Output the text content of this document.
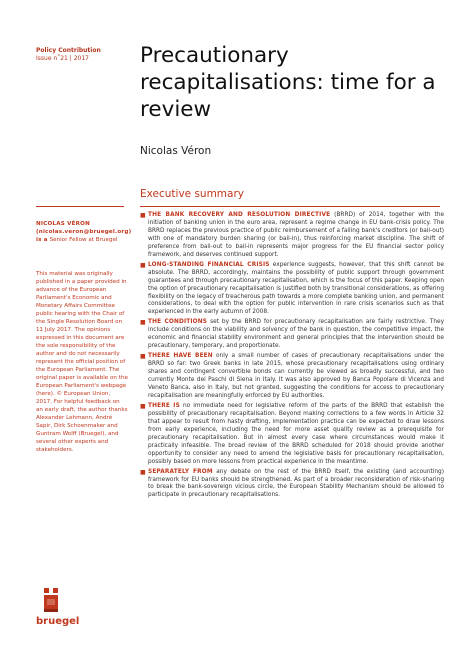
Policy Contribution
Issue n˚21 | 2017	Precautionary recapitalisations: time for a review
Nicolas Véron
Executive summary
NICOLAS VÉRON (nicolas.veron@bruegel.org) is a Senior Fellow at Bruegel
This material was originally published in a paper provided in advance of the European Parliament's Economic and Monetary Affairs Committee public hearing with the Chair of the Single Resolution Board on 11 July 2017. The opinions expressed in this document are the sole responsibility of the author and do not necessarily represent the official position of the European Parliament. The original paper is available on the European Parliament's webpage (here). © European Union, 2017. For helpful feedback on an early draft, the author thanks Alexander Lehmann, André Sapir, Dirk Schoenmaker and Guntram Wolff (Bruegel), and several other experts and stakeholders.
■ THE BANK RECOVERY AND RESOLUTION DIRECTIVE (BRRD) of 2014, together with the initiation of banking union in the euro area, represent a regime change in EU bank-crisis policy. The BRRD replaces the previous practice of public reimbursement of a failing bank's creditors (or bail-out) with one of mandatory burden sharing (or bail-in), thus reinforcing market discipline. The shift of preference from bail-out to bail-in represents major progress for the EU financial sector policy framework, and deserves continued support.
■ LONG-STANDING FINANCIAL CRISIS experience suggests, however, that this shift cannot be absolute. The BRRD, accordingly, maintains the possibility of public support through government guarantees and through precautionary recapitalisation, which is the focus of this paper. Keeping open the option of precautionary recapitalisation is justified both by transitional considerations, as offering flexibility on the legacy of treacherous path towards a more complete banking union, and permanent considerations, to deal with the option for public intervention in rare crisis scenarios such as that experienced in the early autumn of 2008.
■ THE CONDITIONS set by the BRRD for precautionary recapitalisation are fairly restrictive. They include conditions on the viability and solvency of the bank in question, the competitive impact, the economic and financial stability environment and general principles that the intervention should be precautionary, temporary, and proportionate.
■ THERE HAVE BEEN only a small number of cases of precautionary recapitalisations under the BRRD so far: two Greek banks in late 2015, whose precautionary recapitalisations using ordinary shares and contingent convertible bonds can currently be viewed as broadly successful, and two currently Monte dei Paschi di Siena in Italy. It was also approved by Banca Popolare di Vicenza and Veneto Banca, also in Italy, but not granted, suggesting the conditions for access to precautionary recapitalisation are meaningfully enforced by EU authorities.
■ THERE IS no immediate need for legislative reform of the parts of the BRRD that establish the possibility of precautionary recapitalisation. Beyond making corrections to a few words in Article 32 that appear to result from hasty drafting, implementation practice can be expected to draw lessons from early experience, including the need for more asset quality review as a prerequisite for precautionary recapitalisation. But in almost every case where circumstances would make it practically infeasible. The broad review of the BRRD scheduled for 2018 should provide another opportunity to consider any need to amend the legislative basis for precautionary recapitalisation, possibly based on more lessons from practical experience in the meantime.
■ SEPARATELY FROM any debate on the rest of the BRRD itself, the existing (and accounting) framework for EU banks should be strengthened. As part of a broader reconsideration of risk-sharing to break the bank-sovereign vicious circle, the European Stability Mechanism should be allowed to participate in precautionary recapitalisations.
bruegel
